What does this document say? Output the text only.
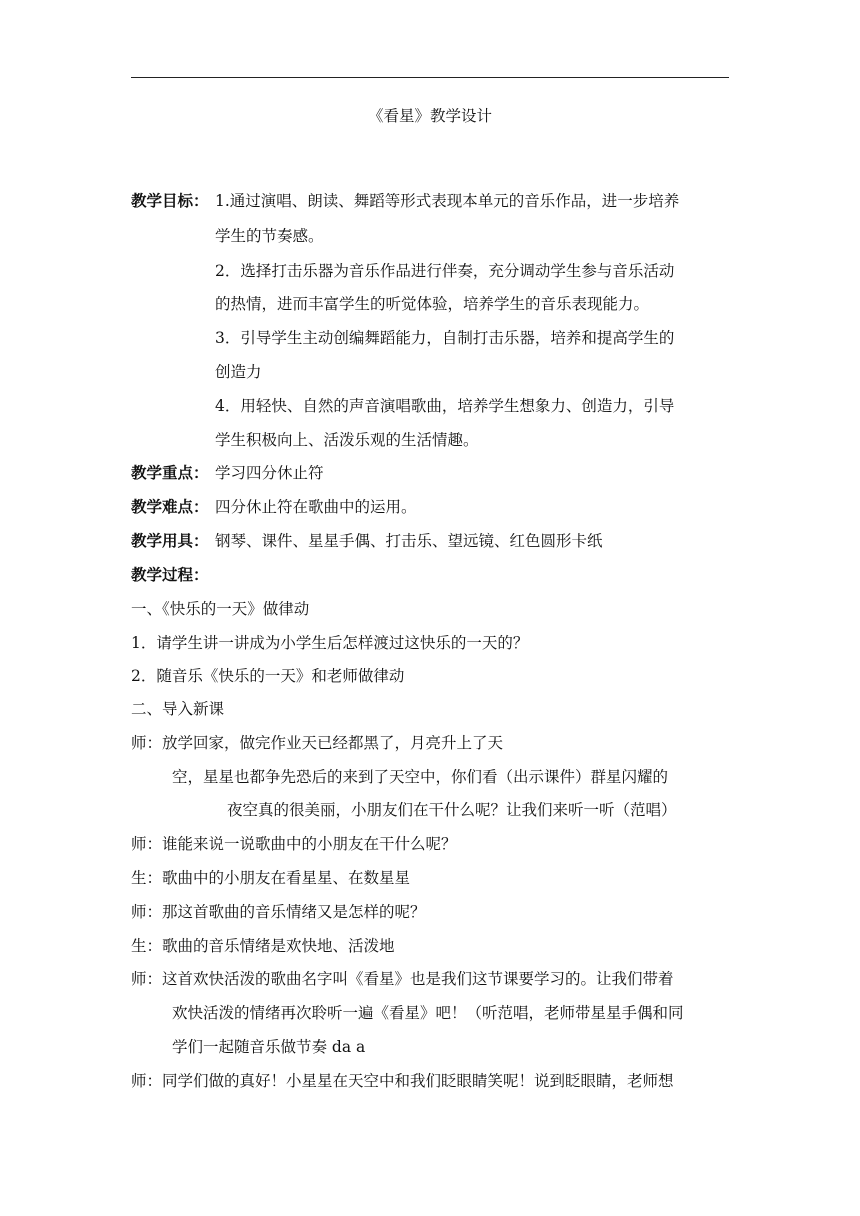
《看星》教学设计
教学目标： 1.通过演唱、朗读、舞蹈等形式表现本单元的音乐作品，进一步培养
学生的节奏感。
2．选择打击乐器为音乐作品进行伴奏，充分调动学生参与音乐活动
的热情，进而丰富学生的听觉体验，培养学生的音乐表现能力。
3．引导学生主动创编舞蹈能力，自制打击乐器，培养和提高学生的
创造力
4．用轻快、自然的声音演唱歌曲，培养学生想象力、创造力，引导
学生积极向上、活泼乐观的生活情趣。
教学重点： 学习四分休止符
教学难点： 四分休止符在歌曲中的运用。
教学用具： 钢琴、课件、星星手偶、打击乐、望远镜、红色圆形卡纸
教学过程：
一、《快乐的一天》做律动
1．请学生讲一讲成为小学生后怎样渡过这快乐的一天的？
2．随音乐《快乐的一天》和老师做律动
二、导入新课
师：放学回家，做完作业天已经都黑了，月亮升上了天
空，星星也都争先恐后的来到了天空中，你们看（出示课件）群星闪耀的
夜空真的很美丽，小朋友们在干什么呢？让我们来听一听（范唱）
师：谁能来说一说歌曲中的小朋友在干什么呢？
生：歌曲中的小朋友在看星星、在数星星
师：那这首歌曲的音乐情绪又是怎样的呢？
生：歌曲的音乐情绪是欢快地、活泼地
师：这首欢快活泼的歌曲名字叫《看星》也是我们这节课要学习的。让我们带着
欢快活泼的情绪再次聆听一遍《看星》吧！（听范唱，老师带星星手偶和同
学们一起随音乐做节奏 da a
师：同学们做的真好！小星星在天空中和我们眨眼睛笑呢！说到眨眼睛，老师想
